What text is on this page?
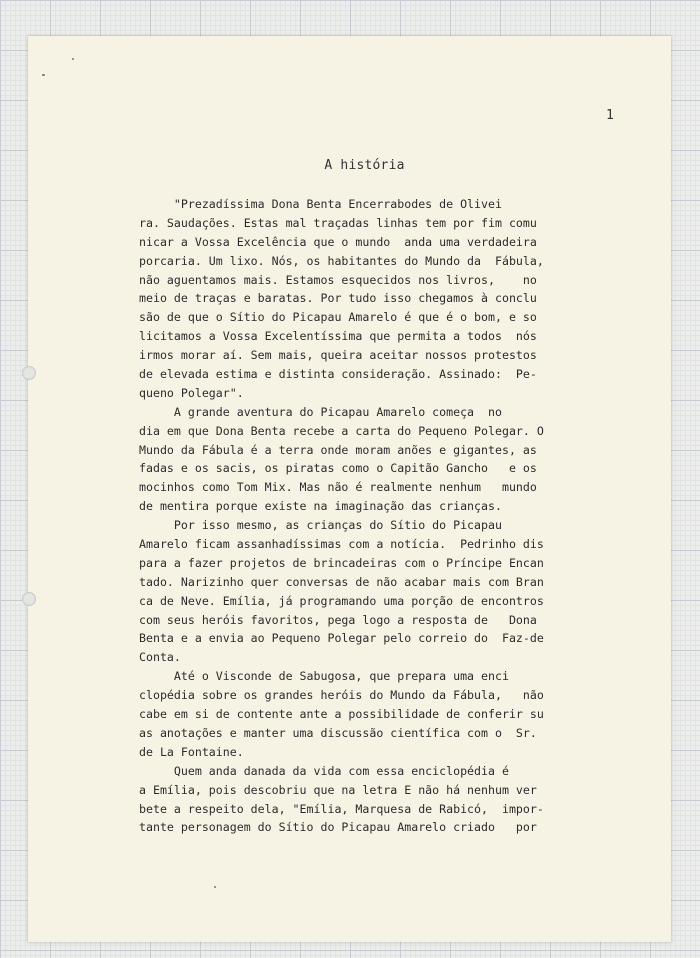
1
A história
"Prezadíssima Dona Benta Encerrabodes de Olivei
ra. Saudações. Estas mal traçadas linhas tem por fim comu
nicar a Vossa Excelência que o mundo  anda uma verdadeira
porcaria. Um lixo. Nós, os habitantes do Mundo da  Fábula,
não aguentamos mais. Estamos esquecidos nos livros,    no
meio de traças e baratas. Por tudo isso chegamos à conclu
são de que o Sítio do Picapau Amarelo é que é o bom, e so
licitamos a Vossa Excelentíssima que permita a todos  nós
irmos morar aí. Sem mais, queira aceitar nossos protestos
de elevada estima e distinta consideração. Assinado:  Pe-
queno Polegar".
A grande aventura do Picapau Amarelo começa  no
dia em que Dona Benta recebe a carta do Pequeno Polegar. O
Mundo da Fábula é a terra onde moram anões e gigantes, as
fadas e os sacis, os piratas como o Capitão Gancho   e os
mocinhos como Tom Mix. Mas não é realmente nenhum   mundo
de mentira porque existe na imaginação das crianças.
Por isso mesmo, as crianças do Sítio do Picapau
Amarelo ficam assanhadíssimas com a notícia.  Pedrinho dis
para a fazer projetos de brincadeiras com o Príncipe Encan
tado. Narizinho quer conversas de não acabar mais com Bran
ca de Neve. Emília, já programando uma porção de encontros
com seus heróis favoritos, pega logo a resposta de   Dona
Benta e a envia ao Pequeno Polegar pelo correio do  Faz-de
Conta.
Até o Visconde de Sabugosa, que prepara uma enci
clopédia sobre os grandes heróis do Mundo da Fábula,   não
cabe em si de contente ante a possibilidade de conferir su
as anotações e manter uma discussão científica com o  Sr.
de La Fontaine.
Quem anda danada da vida com essa enciclopédia é
a Emília, pois descobriu que na letra E não há nenhum ver
bete a respeito dela, "Emília, Marquesa de Rabicó,  impor-
tante personagem do Sítio do Picapau Amarelo criado   por
